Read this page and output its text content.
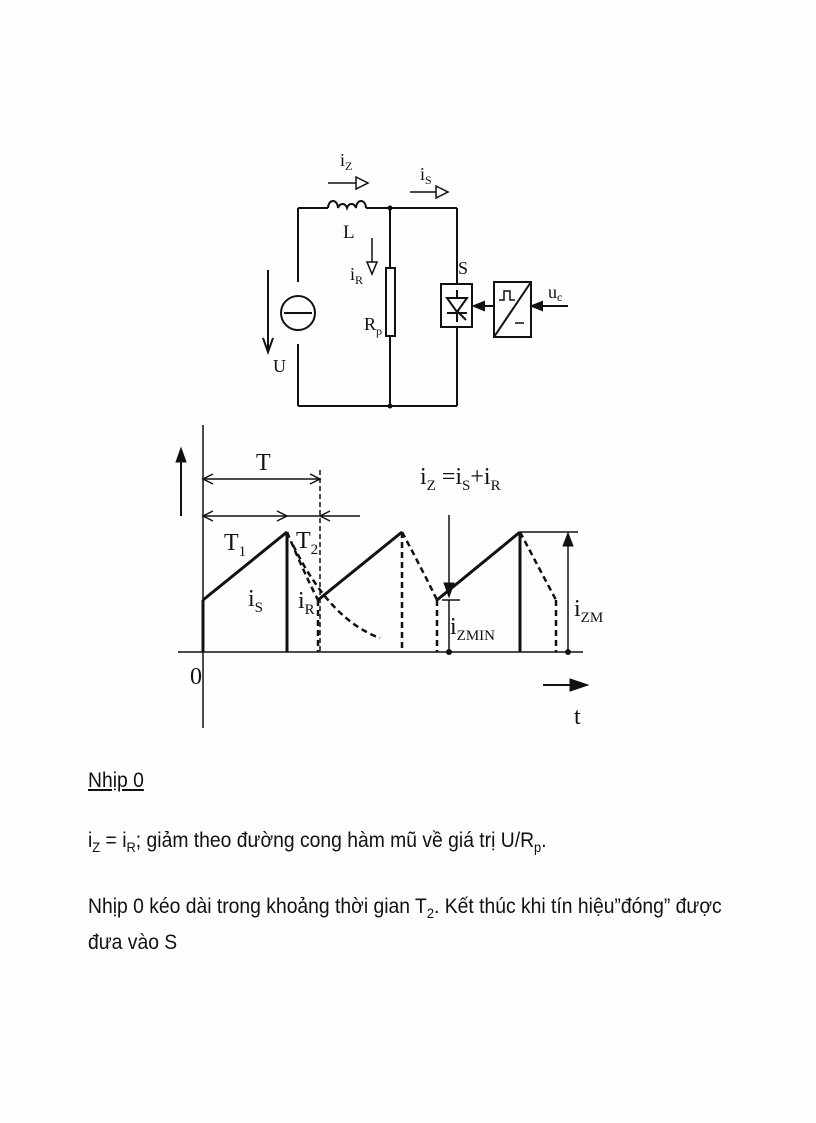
$i_Z$	$i_S$
L
$i_R$
$R_p$
S
U
uc
T
$T_1$ $T_2$
$i_Z =i_S+i_R$
$i_S$ $i_R$
$i_{ZMIN}$
$i_{ZM}$
0
t
Nhịp 0
$i_Z = i_R$; giảm theo đường cong hàm mũ về giá trị $U/R_p$.
Nhịp 0 kéo dài trong khoảng thời gian $T_2$. Kết thúc khi tín hiệu”đóng” được đưa vào S
